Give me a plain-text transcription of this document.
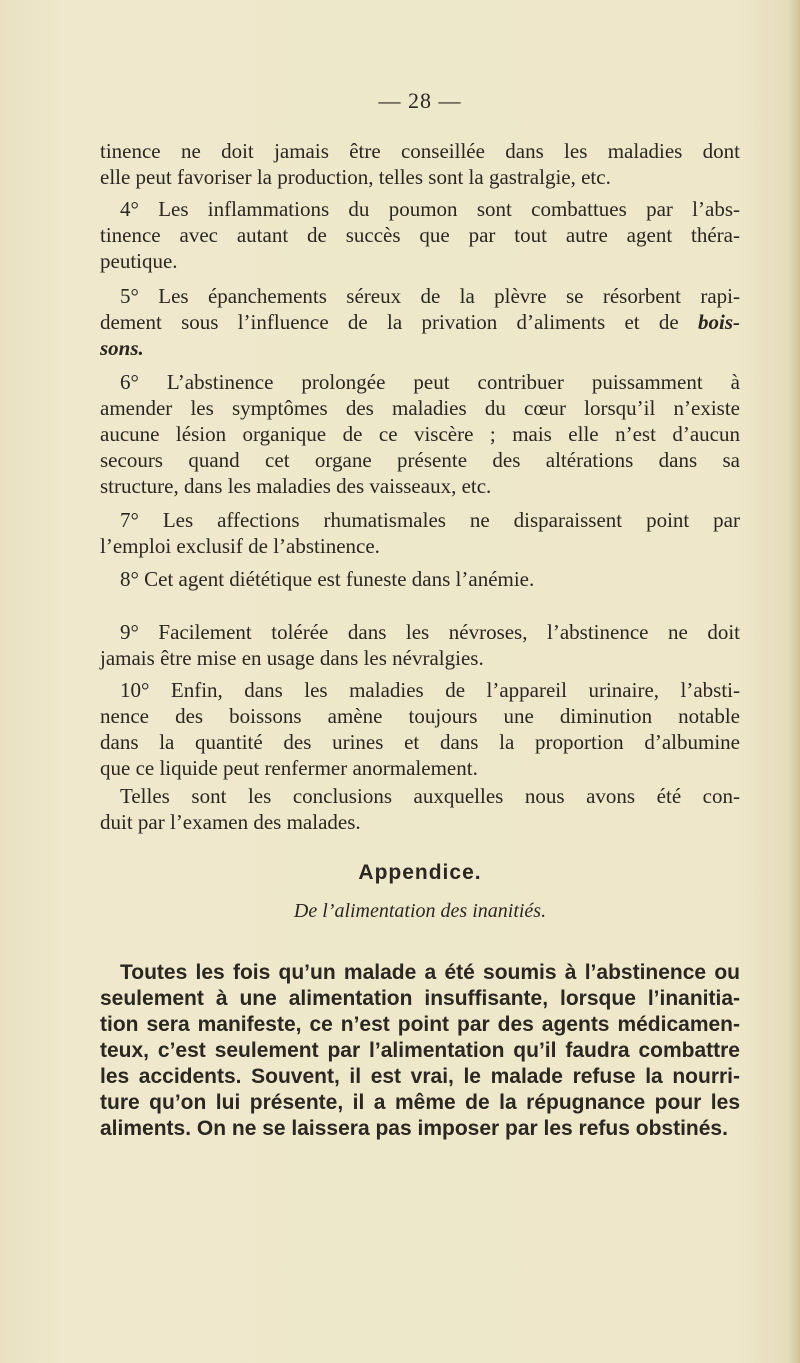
— 28 —
tinence ne doit jamais être conseillée dans les maladies dont
elle peut favoriser la production, telles sont la gastralgie, etc.
4° Les inflammations du poumon sont combattues par l’abs-
tinence avec autant de succès que par tout autre agent théra-
peutique.
5° Les épanchements séreux de la plèvre se résorbent rapi-
dement sous l’influence de la privation d’aliments et de bois-
sons.
6° L’abstinence prolongée peut contribuer puissamment à
amender les symptômes des maladies du cœur lorsqu’il n’existe
aucune lésion organique de ce viscère ; mais elle n’est d’aucun
secours quand cet organe présente des altérations dans sa
structure, dans les maladies des vaisseaux, etc.
7° Les affections rhumatismales ne disparaissent point par
l’emploi exclusif de l’abstinence.
8° Cet agent diététique est funeste dans l’anémie.
9° Facilement tolérée dans les névroses, l’abstinence ne doit
jamais être mise en usage dans les névralgies.
10° Enfin, dans les maladies de l’appareil urinaire, l’absti-
nence des boissons amène toujours une diminution notable
dans la quantité des urines et dans la proportion d’albumine
que ce liquide peut renfermer anormalement.
Telles sont les conclusions auxquelles nous avons été con-
duit par l’examen des malades.
Appendice.
De l’alimentation des inanitiés.
Toutes les fois qu’un malade a été soumis à l’abstinence ou
seulement à une alimentation insuffisante, lorsque l’inanitia-
tion sera manifeste, ce n’est point par des agents médicamen-
teux, c’est seulement par l’alimentation qu’il faudra combattre
les accidents. Souvent, il est vrai, le malade refuse la nourri-
ture qu’on lui présente, il a même de la répugnance pour les
aliments. On ne se laissera pas imposer par les refus obstinés.
